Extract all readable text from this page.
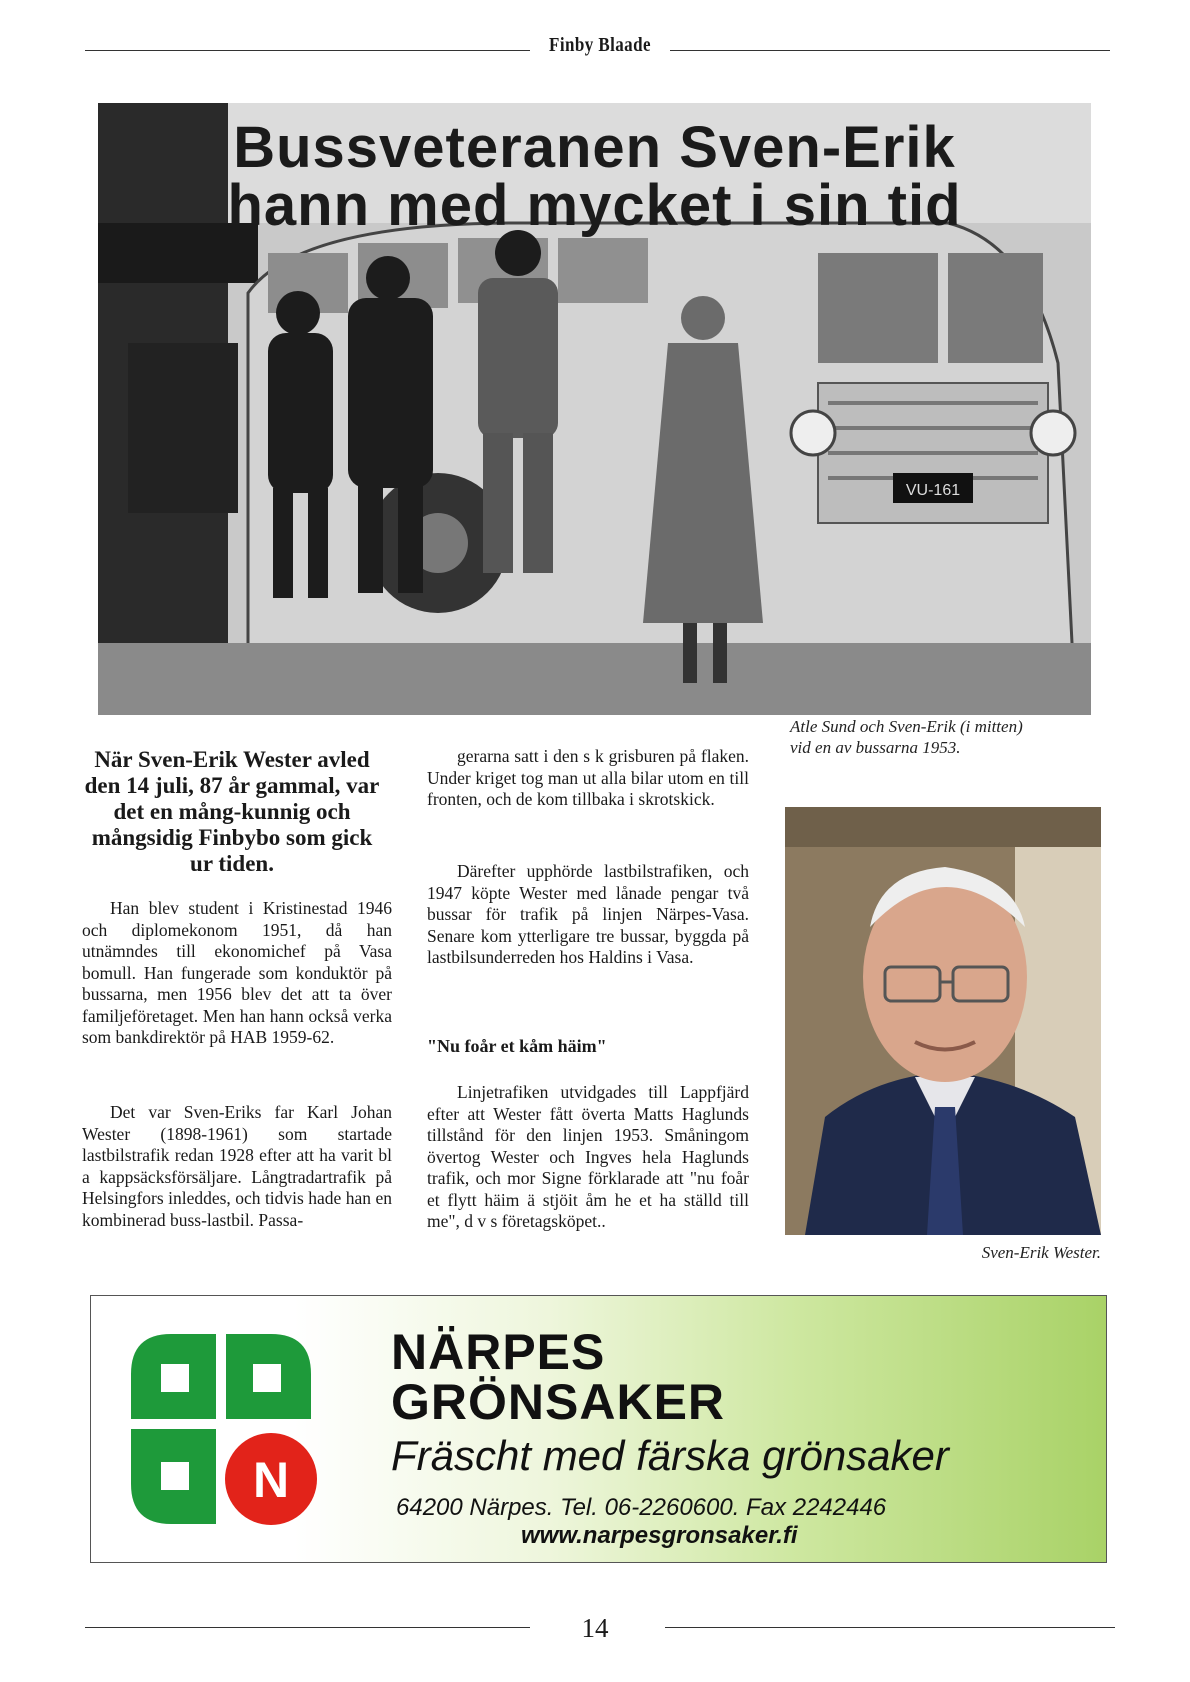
Finby Blaade
VU-161
Bussveteranen Sven-Erik
hann med mycket i sin tid
Atle Sund och Sven-Erik (i mitten)
vid en av bussarna 1953.
När Sven-Erik Wester avled den 14 juli, 87 år gammal, var det en mång-kunnig och mångsidig Finbybo som gick ur tiden.
Han blev student i Kristinestad 1946 och diplomekonom 1951, då han utnämndes till ekonomichef på Vasa bomull. Han fungerade som konduktör på bussarna, men 1956 blev det att ta över familjeföretaget. Men han hann också verka som bankdirektör på HAB 1959-62.
Det var Sven-Eriks far Karl Johan Wester (1898-1961) som startade lastbilstrafik redan 1928 efter att ha varit bl a kappsäcksförsäljare. Långtradartrafik på Helsingfors inleddes, och tidvis hade han en kombinerad buss-lastbil. Passa-
gerarna satt i den s k grisburen på flaken. Under kriget tog man ut alla bilar utom en till fronten, och de kom tillbaka i skrotskick.
Därefter upphörde lastbilstrafiken, och 1947 köpte Wester med lånade pengar två bussar för trafik på linjen Närpes-Vasa. Senare kom ytterligare tre bussar, byggda på lastbilsunderreden hos Haldins i Vasa.
"Nu foår et kåm häim"
Linjetrafiken utvidgades till Lappfjärd efter att Wester fått överta Matts Haglunds tillstånd för den linjen 1953. Småningom övertog Wester och Ingves hela Haglunds trafik, och mor Signe förklarade att "nu foår et flytt häim ä stjöit åm he et ha ställd till me", d v s företagsköpet..
Sven-Erik Wester.
N
NÄRPES
GRÖNSAKER
Fräscht med färska grönsaker
64200 Närpes. Tel. 06-2260600. Fax 2242446
www.narpesgronsaker.fi
14
